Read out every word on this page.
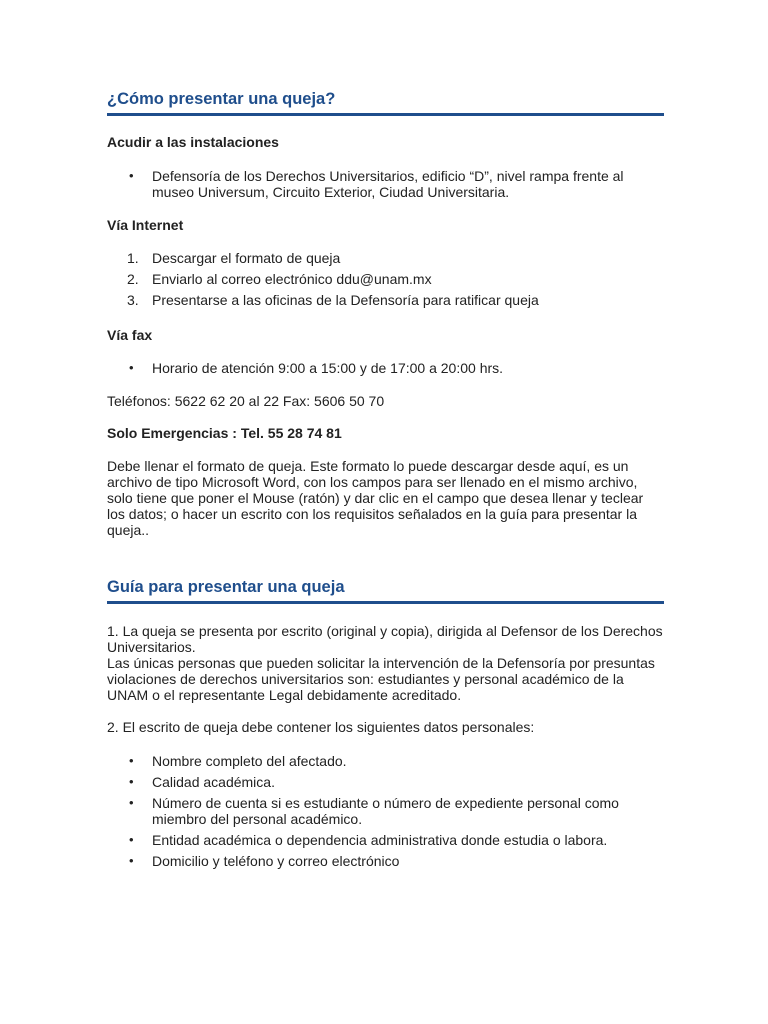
¿Cómo presentar una queja?
Acudir a las instalaciones
• Defensoría de los Derechos Universitarios, edificio “D”, nivel rampa frente al museo Universum, Circuito Exterior, Ciudad Universitaria.
Vía Internet
1. Descargar el formato de queja
2. Enviarlo al correo electrónico ddu@unam.mx
3. Presentarse a las oficinas de la Defensoría para ratificar queja
Vía fax
• Horario de atención 9:00 a 15:00 y de 17:00 a 20:00 hrs.
Teléfonos: 5622 62 20 al 22 Fax: 5606 50 70
Solo Emergencias : Tel. 55 28 74 81
Debe llenar el formato de queja. Este formato lo puede descargar desde aquí, es un archivo de tipo Microsoft Word, con los campos para ser llenado en el mismo archivo, solo tiene que poner el Mouse (ratón) y dar clic en el campo que desea llenar y teclear los datos; o hacer un escrito con los requisitos señalados en la guía para presentar la queja..
Guía para presentar una queja
1. La queja se presenta por escrito (original y copia), dirigida al Defensor de los Derechos Universitarios.
Las únicas personas que pueden solicitar la intervención de la Defensoría por presuntas violaciones de derechos universitarios son: estudiantes y personal académico de la UNAM o el representante Legal debidamente acreditado.
2. El escrito de queja debe contener los siguientes datos personales:
• Nombre completo del afectado.
• Calidad académica.
• Número de cuenta si es estudiante o número de expediente personal como miembro del personal académico.
• Entidad académica o dependencia administrativa donde estudia o labora.
• Domicilio y teléfono y correo electrónico
